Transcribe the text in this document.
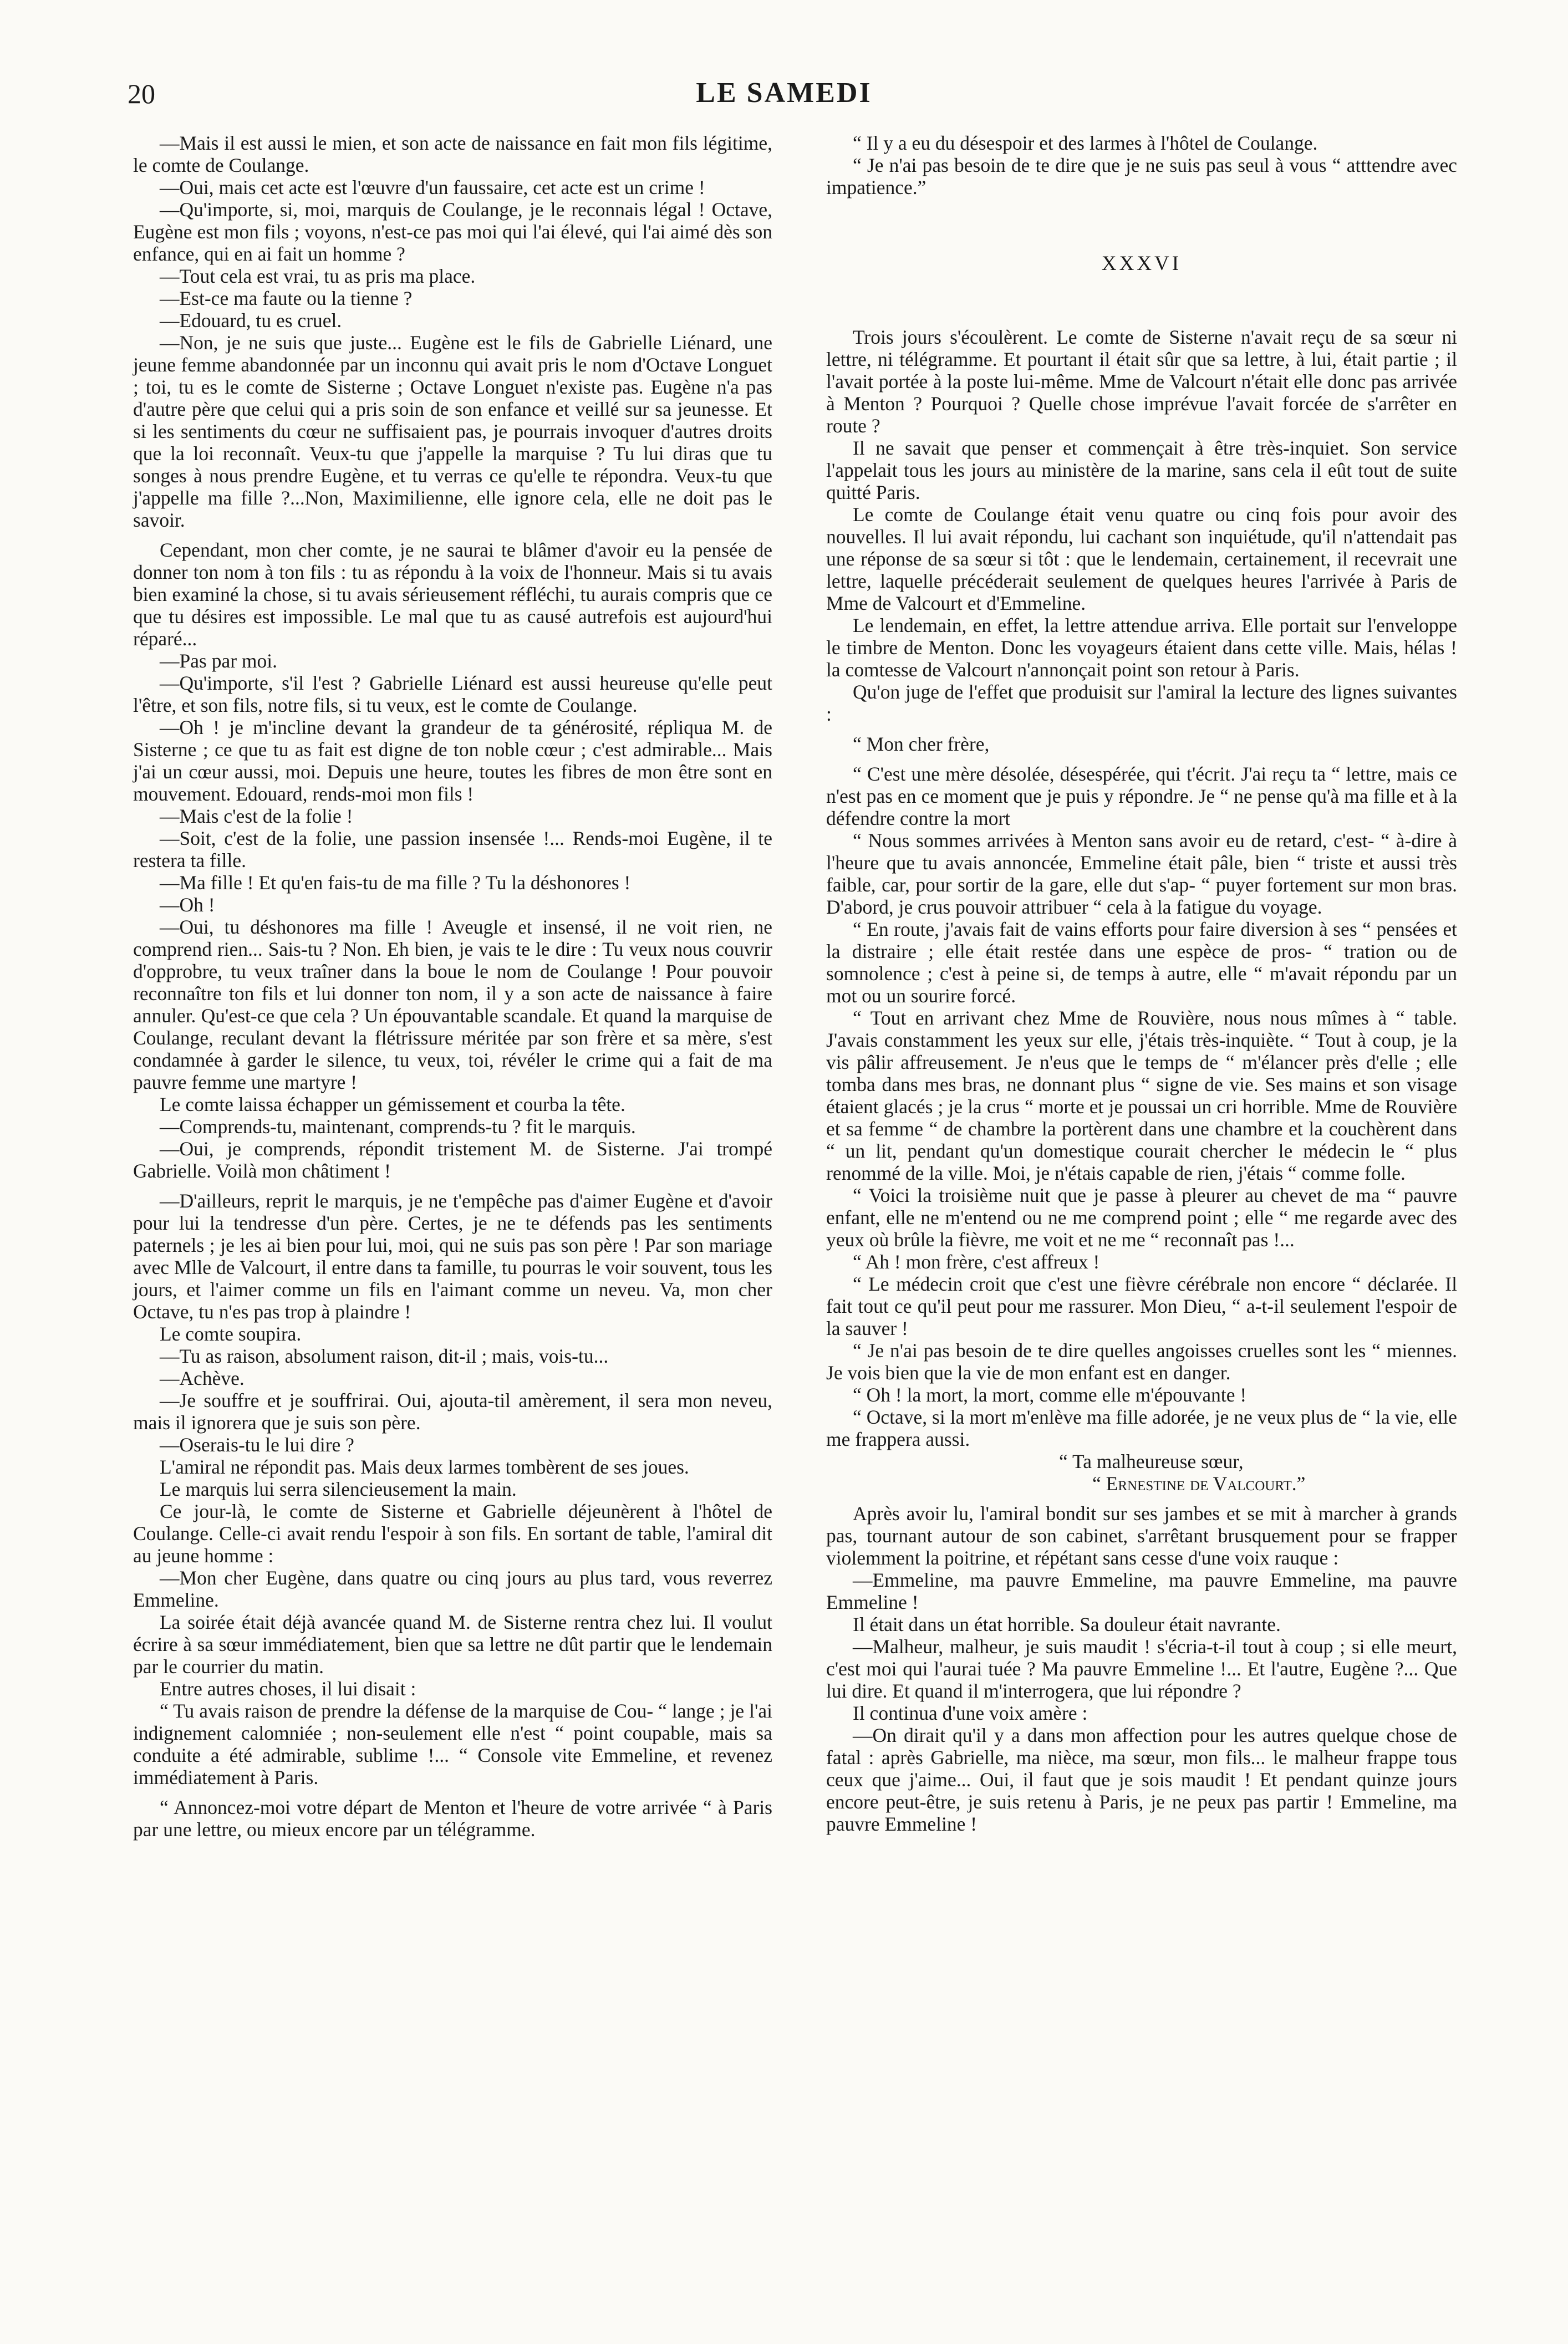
20	LE SAMEDI

—Mais il est aussi le mien, et son acte de naissance en fait mon fils légitime, le comte de Coulange.

—Oui, mais cet acte est l'œuvre d'un faussaire, cet acte est un crime !

—Qu'importe, si, moi, marquis de Coulange, je le reconnais légal ! Octave, Eugène est mon fils ; voyons, n'est-ce pas moi qui l'ai élevé, qui l'ai aimé dès son enfance, qui en ai fait un homme ?

—Tout cela est vrai, tu as pris ma place.

—Est-ce ma faute ou la tienne ?

—Edouard, tu es cruel.

—Non, je ne suis que juste... Eugène est le fils de Gabrielle Liénard, une jeune femme abandonnée par un inconnu qui avait pris le nom d'Octave Longuet ; toi, tu es le comte de Sisterne ; Octave Longuet n'existe pas. Eugène n'a pas d'autre père que celui qui a pris soin de son enfance et veillé sur sa jeunesse. Et si les sentiments du cœur ne suffisaient pas, je pourrais invoquer d'autres droits que la loi reconnaît. Veux-tu que j'appelle la marquise ? Tu lui diras que tu songes à nous prendre Eugène, et tu verras ce qu'elle te répondra. Veux-tu que j'appelle ma fille ?...Non, Maximilienne, elle ignore cela, elle ne doit pas le savoir.

Cependant, mon cher comte, je ne saurai te blâmer d'avoir eu la pensée de donner ton nom à ton fils : tu as répondu à la voix de l'honneur. Mais si tu avais bien examiné la chose, si tu avais sérieusement réfléchi, tu aurais compris que ce que tu désires est impossible. Le mal que tu as causé autrefois est aujourd'hui réparé...

—Pas par moi.

—Qu'importe, s'il l'est ? Gabrielle Liénard est aussi heureuse qu'elle peut l'être, et son fils, notre fils, si tu veux, est le comte de Coulange.

—Oh ! je m'incline devant la grandeur de ta générosité, répliqua M. de Sisterne ; ce que tu as fait est digne de ton noble cœur ; c'est admirable... Mais j'ai un cœur aussi, moi. Depuis une heure, toutes les fibres de mon être sont en mouvement. Edouard, rends-moi mon fils !

—Mais c'est de la folie !

—Soit, c'est de la folie, une passion insensée !... Rends-moi Eugène, il te restera ta fille.

—Ma fille ! Et qu'en fais-tu de ma fille ? Tu la déshonores !

—Oh !

—Oui, tu déshonores ma fille ! Aveugle et insensé, il ne voit rien, ne comprend rien... Sais-tu ? Non. Eh bien, je vais te le dire : Tu veux nous couvrir d'opprobre, tu veux traîner dans la boue le nom de Coulange ! Pour pouvoir reconnaître ton fils et lui donner ton nom, il y a son acte de naissance à faire annuler. Qu'est-ce que cela ? Un épouvantable scandale. Et quand la marquise de Coulange, reculant devant la flétrissure méritée par son frère et sa mère, s'est condamnée à garder le silence, tu veux, toi, révéler le crime qui a fait de ma pauvre femme une martyre !

Le comte laissa échapper un gémissement et courba la tête.

—Comprends-tu, maintenant, comprends-tu ? fit le marquis.

—Oui, je comprends, répondit tristement M. de Sisterne. J'ai trompé Gabrielle. Voilà mon châtiment !

—D'ailleurs, reprit le marquis, je ne t'empêche pas d'aimer Eugène et d'avoir pour lui la tendresse d'un père. Certes, je ne te défends pas les sentiments paternels ; je les ai bien pour lui, moi, qui ne suis pas son père ! Par son mariage avec Mlle de Valcourt, il entre dans ta famille, tu pourras le voir souvent, tous les jours, et l'aimer comme un fils en l'aimant comme un neveu. Va, mon cher Octave, tu n'es pas trop à plaindre !

Le comte soupira.

—Tu as raison, absolument raison, dit-il ; mais, vois-tu...

—Achève.

—Je souffre et je souffrirai. Oui, ajouta-til amèrement, il sera mon neveu, mais il ignorera que je suis son père.

—Oserais-tu le lui dire ?

L'amiral ne répondit pas. Mais deux larmes tombèrent de ses joues.

Le marquis lui serra silencieusement la main.

Ce jour-là, le comte de Sisterne et Gabrielle déjeunèrent à l'hôtel de Coulange. Celle-ci avait rendu l'espoir à son fils. En sortant de table, l'amiral dit au jeune homme :

—Mon cher Eugène, dans quatre ou cinq jours au plus tard, vous reverrez Emmeline.

La soirée était déjà avancée quand M. de Sisterne rentra chez lui. Il voulut écrire à sa sœur immédiatement, bien que sa lettre ne dût partir que le lendemain par le courrier du matin.

Entre autres choses, il lui disait :

“ Tu avais raison de prendre la défense de la marquise de Cou- “ lange ; je l'ai indignement calomniée ; non-seulement elle n'est “ point coupable, mais sa conduite a été admirable, sublime !... “ Console vite Emmeline, et revenez immédiatement à Paris.

“ Annoncez-moi votre départ de Menton et l'heure de votre arrivée “ à Paris par une lettre, ou mieux encore par un télégramme.

“ Il y a eu du désespoir et des larmes à l'hôtel de Coulange.

“ Je n'ai pas besoin de te dire que je ne suis pas seul à vous “ atttendre avec impatience.”

XXXVI

Trois jours s'écoulèrent. Le comte de Sisterne n'avait reçu de sa sœur ni lettre, ni télégramme. Et pourtant il était sûr que sa lettre, à lui, était partie ; il l'avait portée à la poste lui-même. Mme de Valcourt n'était elle donc pas arrivée à Menton ? Pourquoi ? Quelle chose imprévue l'avait forcée de s'arrêter en route ?

Il ne savait que penser et commençait à être très-inquiet. Son service l'appelait tous les jours au ministère de la marine, sans cela il eût tout de suite quitté Paris.

Le comte de Coulange était venu quatre ou cinq fois pour avoir des nouvelles. Il lui avait répondu, lui cachant son inquiétude, qu'il n'attendait pas une réponse de sa sœur si tôt : que le lendemain, certainement, il recevrait une lettre, laquelle précéderait seulement de quelques heures l'arrivée à Paris de Mme de Valcourt et d'Emmeline.

Le lendemain, en effet, la lettre attendue arriva. Elle portait sur l'enveloppe le timbre de Menton. Donc les voyageurs étaient dans cette ville. Mais, hélas ! la comtesse de Valcourt n'annonçait point son retour à Paris.

Qu'on juge de l'effet que produisit sur l'amiral la lecture des lignes suivantes :

“ Mon cher frère,

“ C'est une mère désolée, désespérée, qui t'écrit. J'ai reçu ta “ lettre, mais ce n'est pas en ce moment que je puis y répondre. Je “ ne pense qu'à ma fille et à la défendre contre la mort

“ Nous sommes arrivées à Menton sans avoir eu de retard, c'est- “ à-dire à l'heure que tu avais annoncée, Emmeline était pâle, bien “ triste et aussi très faible, car, pour sortir de la gare, elle dut s'ap- “ puyer fortement sur mon bras. D'abord, je crus pouvoir attribuer “ cela à la fatigue du voyage.

“ En route, j'avais fait de vains efforts pour faire diversion à ses “ pensées et la distraire ; elle était restée dans une espèce de pros- “ tration ou de somnolence ; c'est à peine si, de temps à autre, elle “ m'avait répondu par un mot ou un sourire forcé.

“ Tout en arrivant chez Mme de Rouvière, nous nous mîmes à “ table. J'avais constamment les yeux sur elle, j'étais très-inquiète. “ Tout à coup, je la vis pâlir affreusement. Je n'eus que le temps de “ m'élancer près d'elle ; elle tomba dans mes bras, ne donnant plus “ signe de vie. Ses mains et son visage étaient glacés ; je la crus “ morte et je poussai un cri horrible. Mme de Rouvière et sa femme “ de chambre la portèrent dans une chambre et la couchèrent dans “ un lit, pendant qu'un domestique courait chercher le médecin le “ plus renommé de la ville. Moi, je n'étais capable de rien, j'étais “ comme folle.

“ Voici la troisième nuit que je passe à pleurer au chevet de ma “ pauvre enfant, elle ne m'entend ou ne me comprend point ; elle “ me regarde avec des yeux où brûle la fièvre, me voit et ne me “ reconnaît pas !...

“ Ah ! mon frère, c'est affreux !

“ Le médecin croit que c'est une fièvre cérébrale non encore “ déclarée. Il fait tout ce qu'il peut pour me rassurer. Mon Dieu, “ a-t-il seulement l'espoir de la sauver !

“ Je n'ai pas besoin de te dire quelles angoisses cruelles sont les “ miennes. Je vois bien que la vie de mon enfant est en danger.

“ Oh ! la mort, la mort, comme elle m'épouvante !

“ Octave, si la mort m'enlève ma fille adorée, je ne veux plus de “ la vie, elle me frappera aussi.

“ Ta malheureuse sœur,

“ Ernestine de Valcourt.”

Après avoir lu, l'amiral bondit sur ses jambes et se mit à marcher à grands pas, tournant autour de son cabinet, s'arrêtant brusquement pour se frapper violemment la poitrine, et répétant sans cesse d'une voix rauque :

—Emmeline, ma pauvre Emmeline, ma pauvre Emmeline, ma pauvre Emmeline !

Il était dans un état horrible. Sa douleur était navrante.

—Malheur, malheur, je suis maudit ! s'écria-t-il tout à coup ; si elle meurt, c'est moi qui l'aurai tuée ? Ma pauvre Emmeline !... Et l'autre, Eugène ?... Que lui dire. Et quand il m'interrogera, que lui répondre ?

Il continua d'une voix amère :

—On dirait qu'il y a dans mon affection pour les autres quelque chose de fatal : après Gabrielle, ma nièce, ma sœur, mon fils... le malheur frappe tous ceux que j'aime... Oui, il faut que je sois maudit ! Et pendant quinze jours encore peut-être, je suis retenu à Paris, je ne peux pas partir ! Emmeline, ma pauvre Emmeline !
